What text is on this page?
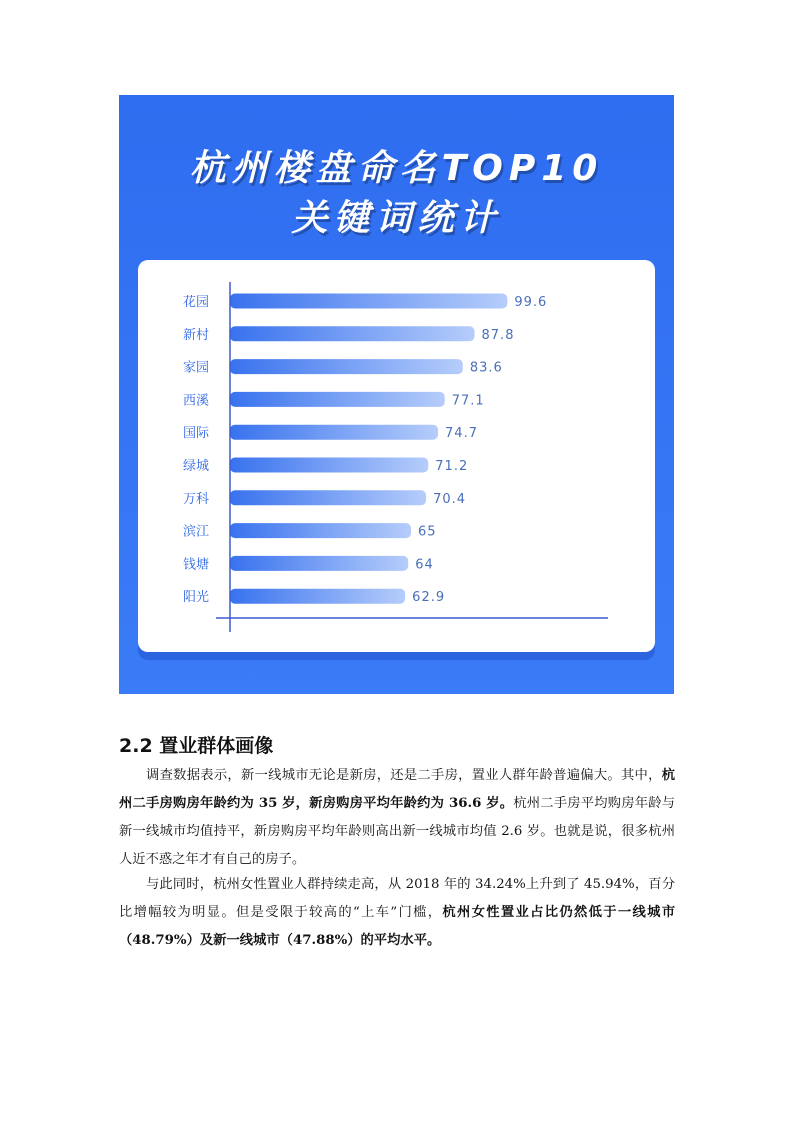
杭州楼盘命名TOP10
关键词统计
花园	99.6
新村	87.8
家园	83.6
西溪	77.1
国际	74.7
绿城	71.2
万科	70.4
滨江	65
钱塘	64
阳光	62.9
2.2 置业群体画像
调查数据表示，新一线城市无论是新房，还是二手房，置业人群年龄普遍偏大。其中，杭州二手房购房年龄约为 35 岁，新房购房平均年龄约为 36.6 岁。杭州二手房平均购房年龄与新一线城市均值持平，新房购房平均年龄则高出新一线城市均值 2.6 岁。也就是说，很多杭州人近不惑之年才有自己的房子。
与此同时，杭州女性置业人群持续走高，从 2018 年的 34.24%上升到了 45.94%，百分比增幅较为明显。但是受限于较高的“上车”门槛，杭州女性置业占比仍然低于一线城市（48.79%）及新一线城市（47.88%）的平均水平。
